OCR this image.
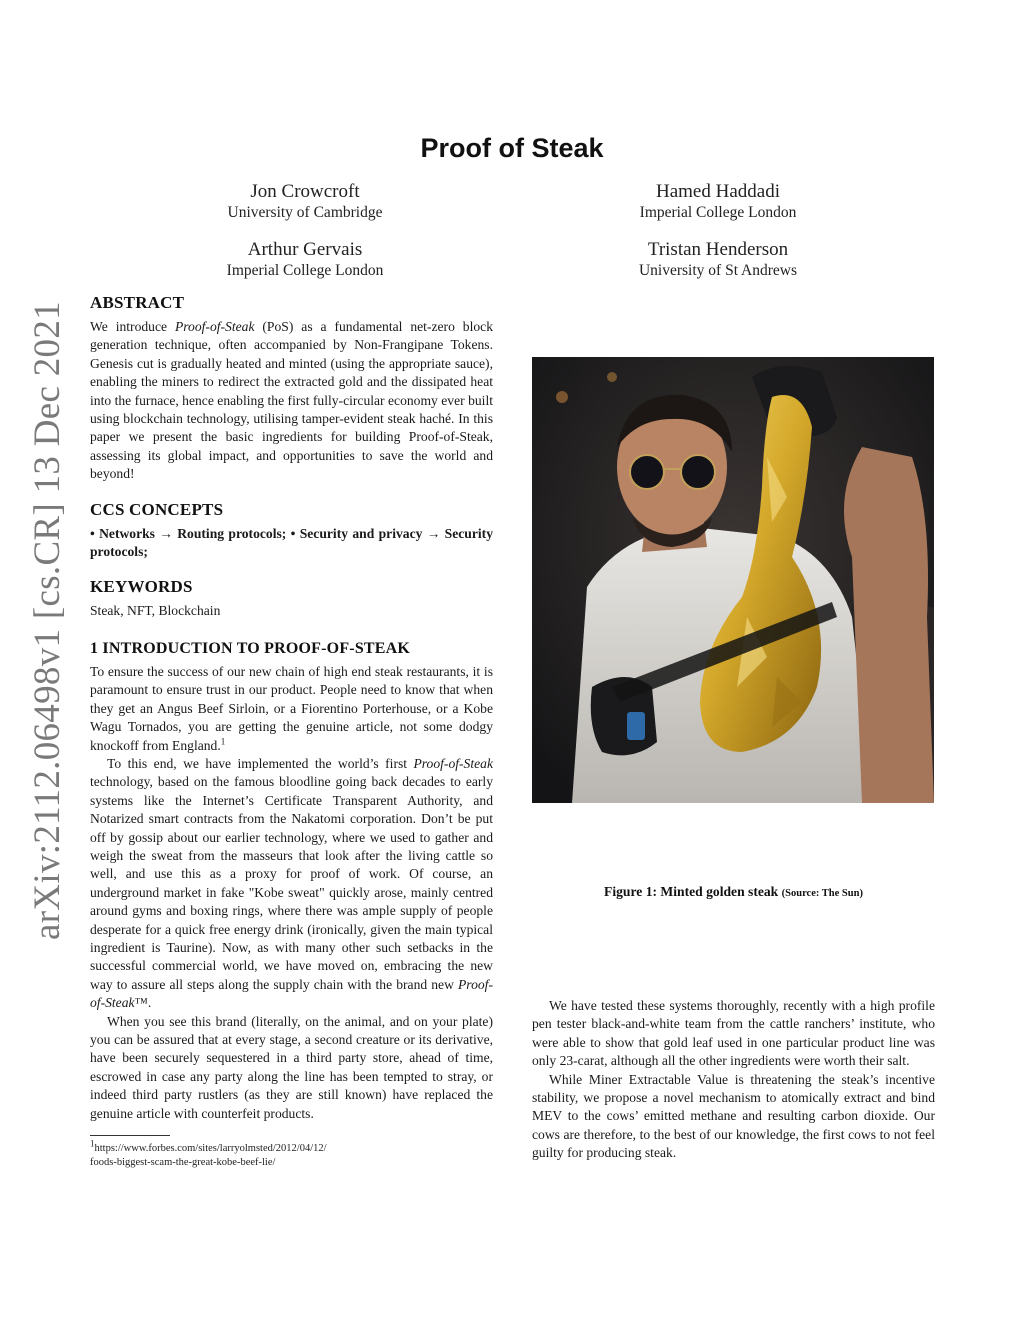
arXiv:2112.06498v1 [cs.CR] 13 Dec 2021
Proof of Steak
Jon Crowcroft
University of Cambridge
Hamed Haddadi
Imperial College London
Arthur Gervais
Imperial College London
Tristan Henderson
University of St Andrews
ABSTRACT

We introduce Proof-of-Steak (PoS) as a fundamental net-zero block generation technique, often accompanied by Non-Frangipane Tokens. Genesis cut is gradually heated and minted (using the appropriate sauce), enabling the miners to redirect the extracted gold and the dissipated heat into the furnace, hence enabling the first fully-circular economy ever built using blockchain technology, utilising tamper-evident steak haché. In this paper we present the basic ingredients for building Proof-of-Steak, assessing its global impact, and opportunities to save the world and beyond!

CCS CONCEPTS

• Networks → Routing protocols; • Security and privacy → Security protocols;

KEYWORDS

Steak, NFT, Blockchain

1 INTRODUCTION TO PROOF-OF-STEAK

To ensure the success of our new chain of high end steak restaurants, it is paramount to ensure trust in our product. People need to know that when they get an Angus Beef Sirloin, or a Fiorentino Porterhouse, or a Kobe Wagu Tornados, you are getting the genuine article, not some dodgy knockoff from England.$^1$

To this end, we have implemented the world’s first Proof-of-Steak technology, based on the famous bloodline going back decades to early systems like the Internet’s Certificate Transparent Authority, and Notarized smart contracts from the Nakatomi corporation. Don’t be put off by gossip about our earlier technology, where we used to gather and weigh the sweat from the masseurs that look after the living cattle so well, and use this as a proxy for proof of work. Of course, an underground market in fake "Kobe sweat" quickly arose, mainly centred around gyms and boxing rings, where there was ample supply of people desperate for a quick free energy drink (ironically, given the main typical ingredient is Taurine). Now, as with many other such setbacks in the successful commercial world, we have moved on, embracing the new way to assure all steps along the supply chain with the brand new Proof-of-Steak™.

When you see this brand (literally, on the animal, and on your plate) you can be assured that at every stage, a second creature or its derivative, have been securely sequestered in a third party store, ahead of time, escrowed in case any party along the line has been tempted to stray, or indeed third party rustlers (as they are still known) have replaced the genuine article with counterfeit products.

$^1$https://www.forbes.com/sites/larryolmsted/2012/04/12/

foods-biggest-scam-the-great-kobe-beef-lie/

Figure 1: Minted golden steak (Source: The Sun)

We have tested these systems thoroughly, recently with a high profile pen tester black-and-white team from the cattle ranchers’ institute, who were able to show that gold leaf used in one particular product line was only 23-carat, although all the other ingredients were worth their salt.

While Miner Extractable Value is threatening the steak’s incentive stability, we propose a novel mechanism to atomically extract and bind MEV to the cows’ emitted methane and resulting carbon dioxide. Our cows are therefore, to the best of our knowledge, the first cows to not feel guilty for producing steak.
